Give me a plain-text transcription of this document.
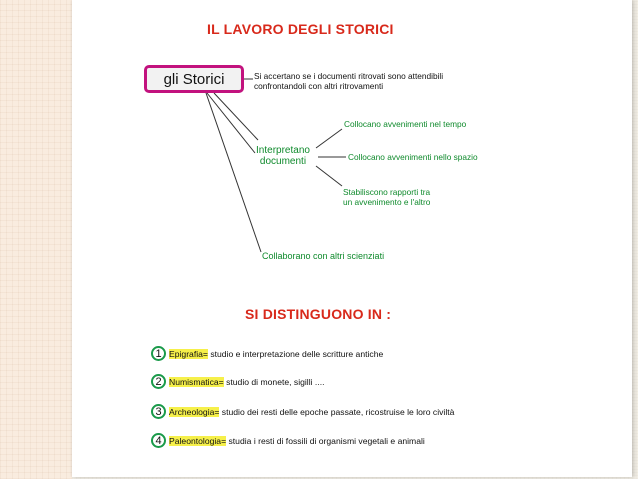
IL LAVORO DEGLI STORICI
gli Storici	Si accertano se i documenti ritrovati sono attendibili
confrontandoli con altri ritrovamenti
Interpretano
documenti
Collocano avvenimenti nel tempo
Collocano avvenimenti nello spazio
Stabiliscono rapporti tra
un avvenimento e l'altro
Collaborano con altri scienziati
SI DISTINGUONO IN :
1 Epigrafia= studio e interpretazione delle scritture antiche
2 Numismatica= studio di monete, sigilli ....
3 Archeologia= studio dei resti delle epoche passate, ricostruise le loro civiltà
4 Paleontologia= studia i resti di fossili di organismi vegetali e animali
